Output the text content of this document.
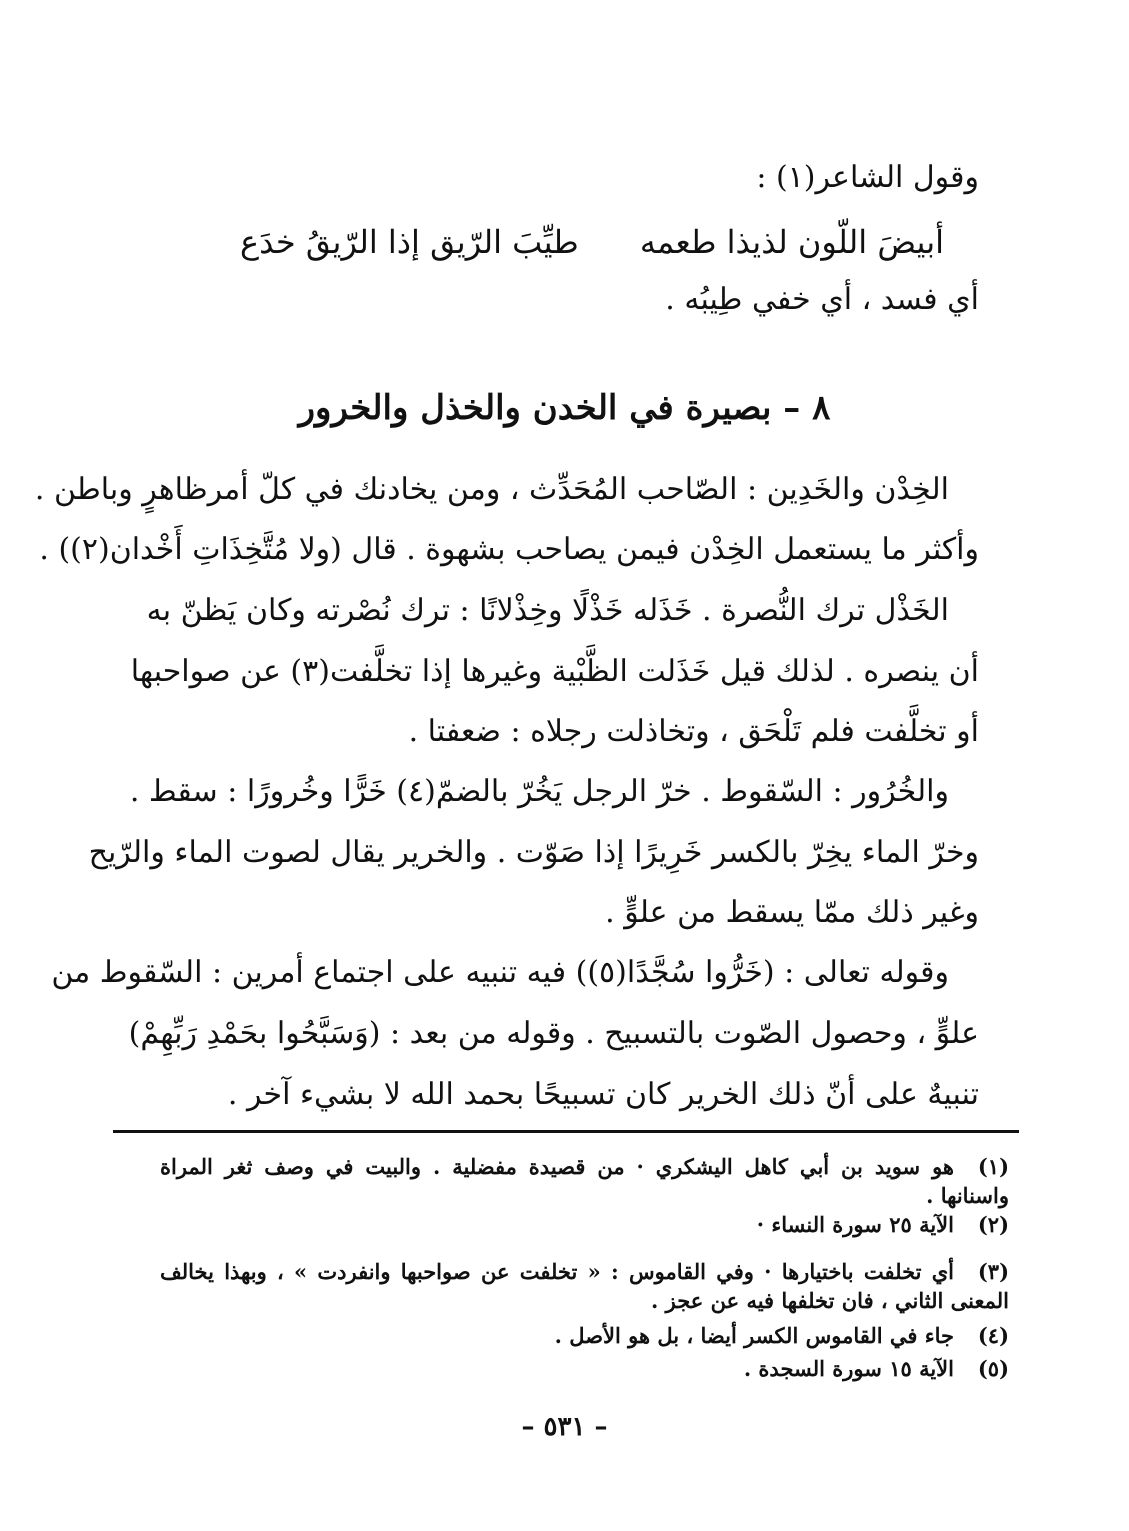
وقول الشاعر(١) :
أبيضَ اللّون لذيذا طعمه
طيِّبَ الرّيق إذا الرّيقُ خدَع
أي فسد ، أي خفي طِيبُه .
٨ – بصيرة في الخدن والخذل والخرور
الخِدْن والخَدِين : الصّاحب المُحَدِّث ، ومن يخادنك في كلّ أمرظاهرٍ وباطن .
وأكثر ما يستعمل الخِدْن فيمن يصاحب بشهوة . قال (ولا مُتَّخِذَاتِ أَخْدان(٢)) .
الخَذْل ترك النُّصرة . خَذَله خَذْلًا وخِذْلانًا : ترك نُصْرته وكان يَظنّ به
أن ينصره . لذلك قيل خَذَلت الظَّبْية وغيرها إذا تخلَّفت(٣) عن صواحبها
أو تخلَّفت فلم تَلْحَق ، وتخاذلت رجلاه : ضعفتا .
والخُرُور : السّقوط . خرّ الرجل يَخُرّ بالضمّ(٤) خَرًّا وخُرورًا : سقط .
وخرّ الماء يخِرّ بالكسر خَرِيرًا إذا صَوّت . والخرير يقال لصوت الماء والرّيح
وغير ذلك ممّا يسقط من علوٍّ .
وقوله تعالى : (خَرُّوا سُجَّدًا(٥)) فيه تنبيه على اجتماع أمرين : السّقوط من
علوٍّ ، وحصول الصّوت بالتسبيح . وقوله من بعد : (وَسَبَّحُوا بحَمْدِ رَبِّهِمْ)
تنبيهٌ على أنّ ذلك الخرير كان تسبيحًا بحمد الله لا بشيء آخر .
(١)هو سويد بن أبي كاهل اليشكري · من قصيدة مفضلية . والبيت في وصف ثغر المراة
واسنانها .
(٢)الآية ٢٥ سورة النساء ·
(٣)أي تخلفت باختيارها · وفي القاموس : « تخلفت عن صواحبها وانفردت » ، وبهذا يخالف
المعنى الثاني ، فان تخلفها فيه عن عجز .
(٤)جاء في القاموس الكسر أيضا ، بل هو الأصل .
(٥)الآية ١٥ سورة السجدة .
– ٥٣١ –
